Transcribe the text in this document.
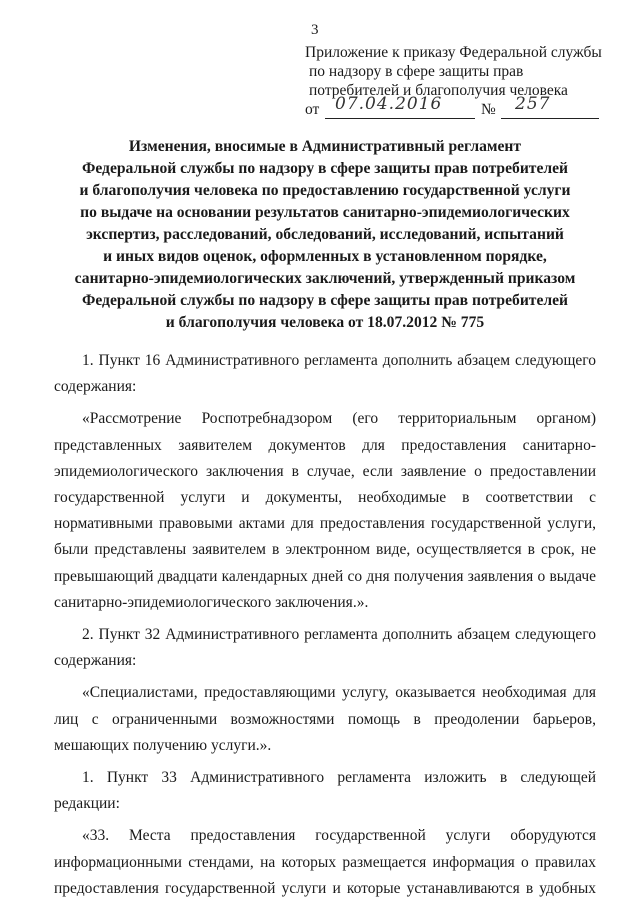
3
Приложение к приказу Федеральной службы
по надзору в сфере защиты прав
потребителей и благополучия человека
от 07.04.2016 № 257
Изменения, вносимые в Административный регламент
Федеральной службы по надзору в сфере защиты прав потребителей
и благополучия человека по предоставлению государственной услуги
по выдаче на основании результатов санитарно-эпидемиологических
экспертиз, расследований, обследований, исследований, испытаний
и иных видов оценок, оформленных в установленном порядке,
санитарно-эпидемиологических заключений, утвержденный приказом
Федеральной службы по надзору в сфере защиты прав потребителей
и благополучия человека от 18.07.2012 № 775
1. Пункт 16 Административного регламента дополнить абзацем следующего
содержания:
«Рассмотрение Роспотребнадзором (его территориальным органом)
представленных заявителем документов для предоставления санитарно-
эпидемиологического заключения в случае, если заявление о предоставлении
государственной услуги и документы, необходимые в соответствии с
нормативными правовыми актами для предоставления государственной услуги,
были представлены заявителем в электронном виде, осуществляется в срок, не
превышающий двадцати календарных дней со дня получения заявления о выдаче
санитарно-эпидемиологического заключения.».
2. Пункт 32 Административного регламента дополнить абзацем следующего
содержания:
«Специалистами, предоставляющими услугу, оказывается необходимая для
лиц с ограниченными возможностями помощь в преодолении барьеров,
мешающих получению услуги.».
1. Пункт 33 Административного регламента изложить в следующей
редакции:
«33. Места предоставления государственной услуги оборудуются
информационными стендами, на которых размещается информация о правилах
предоставления государственной услуги и которые устанавливаются в удобных
